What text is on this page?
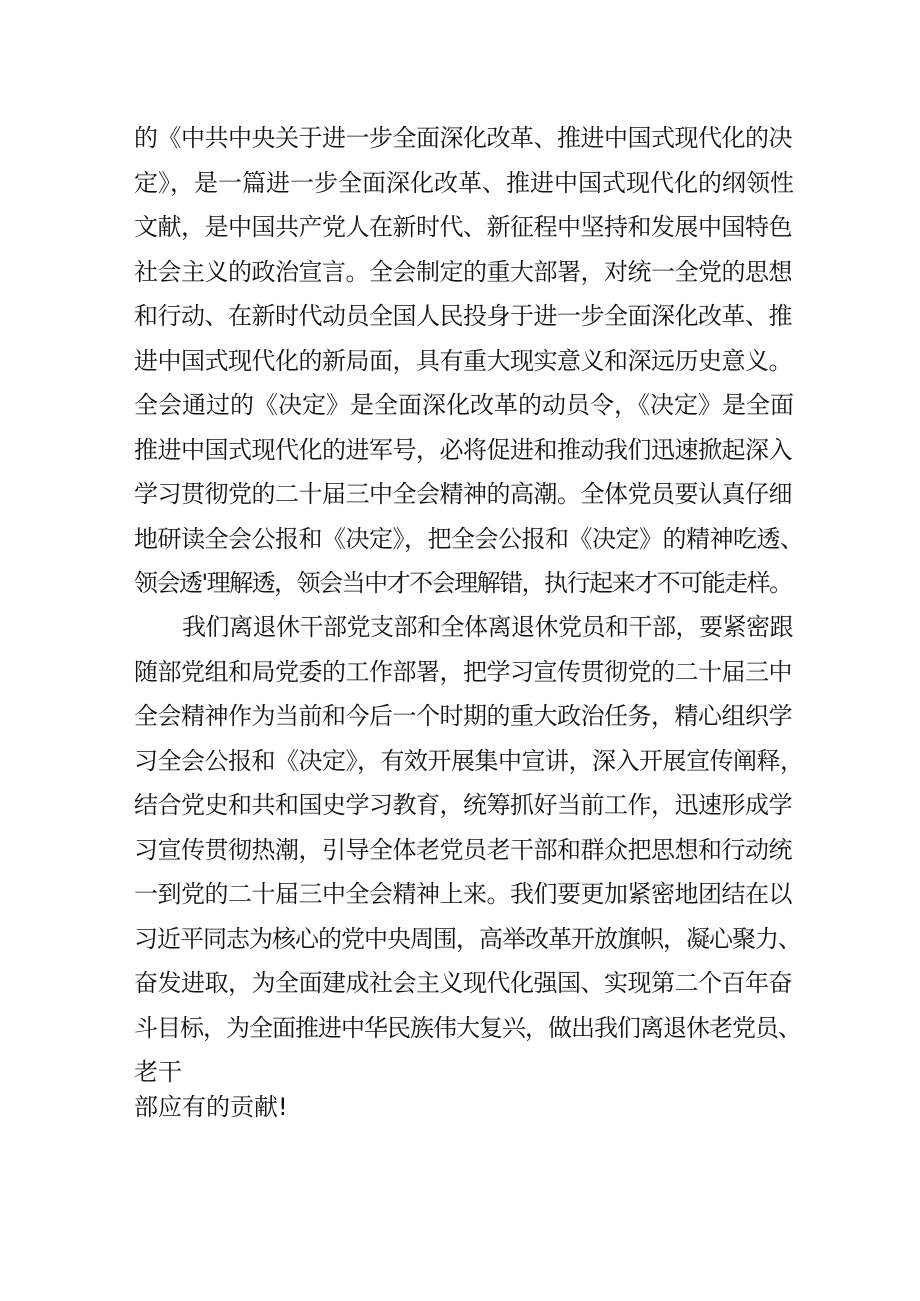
的《中共中央关于进一步全面深化改革、推进中国式现代化的决
定》，是一篇进一步全面深化改革、推进中国式现代化的纲领性
文献，是中国共产党人在新时代、新征程中坚持和发展中国特色
社会主义的政治宣言。全会制定的重大部署，对统一全党的思想
和行动、在新时代动员全国人民投身于进一步全面深化改革、推
进中国式现代化的新局面，具有重大现实意义和深远历史意义。
全会通过的《决定》是全面深化改革的动员令，《决定》是全面
推进中国式现代化的进军号，必将促进和推动我们迅速掀起深入
学习贯彻党的二十届三中全会精神的高潮。全体党员要认真仔细
地研读全会公报和《决定》，把全会公报和《决定》的精神吃透、
领会透'理解透，领会当中才不会理解错，执行起来才不可能走样。
我们离退休干部党支部和全体离退休党员和干部，要紧密跟
随部党组和局党委的工作部署，把学习宣传贯彻党的二十届三中
全会精神作为当前和今后一个时期的重大政治任务，精心组织学
习全会公报和《决定》，有效开展集中宣讲，深入开展宣传阐释，
结合党史和共和国史学习教育，统筹抓好当前工作，迅速形成学
习宣传贯彻热潮，引导全体老党员老干部和群众把思想和行动统
一到党的二十届三中全会精神上来。我们要更加紧密地团结在以
习近平同志为核心的党中央周围，高举改革开放旗帜，凝心聚力、
奋发进取，为全面建成社会主义现代化强国、实现第二个百年奋
斗目标，为全面推进中华民族伟大复兴，做出我们离退休老党员、
老干
部应有的贡献!
